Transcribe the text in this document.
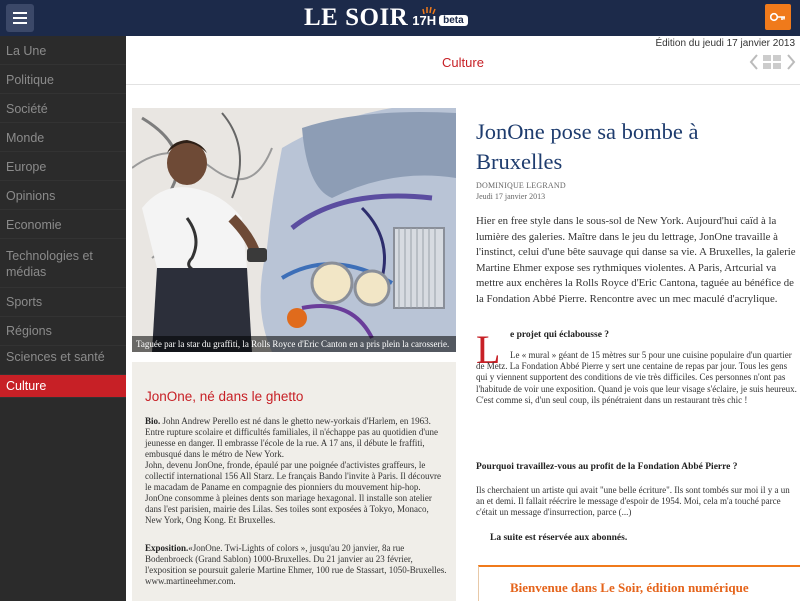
LE SOIR 17H beta
La Une
Politique
Société
Monde
Europe
Opinions
Economie
Technologies et médias
Sports
Régions
Sciences et santé
Culture
Édition du jeudi 17 janvier 2013
Culture
Taguée par la star du graffiti, la Rolls Royce d'Eric Canton en a pris plein la carosserie.
JonOne, né dans le ghetto
Bio. John Andrew Perello est né dans le ghetto new-yorkais d'Harlem, en 1963. Entre rupture scolaire et difficultés familiales, il n'échappe pas au quotidien d'une jeunesse en danger. Il embrasse l'école de la rue. A 17 ans, il débute le fraffiti, embusqué dans le métro de New York.
John, devenu JonOne, fronde, épaulé par une poignée d'activistes graffeurs, le collectif international 156 All Starz. Le français Bando l'invite à Paris. Il découvre le macadam de Paname en compagnie des pionniers du mouvement hip-hop. JonOne consomme à pleines dents son mariage hexagonal. Il installe son atelier dans l'est parisien, mairie des Lilas. Ses toiles sont exposées à Tokyo, Monaco, New York, Ong Kong. Et Bruxelles.
Exposition.«JonOne. Twi-Lights of colors », jusqu'au 20 janvier, 8a rue Bodenbroeck (Grand Sablon) 1000-Bruxelles. Du 21 janvier au 23 février, l'exposition se poursuit galerie Martine Ehmer, 100 rue de Stassart, 1050-Bruxelles. www.martineehmer.com.
JonOne pose sa bombe à Bruxelles
DOMINIQUE LEGRAND
Jeudi 17 janvier 2013
Hier en free style dans le sous-sol de New York. Aujourd'hui caïd à la lumière des galeries. Maître dans le jeu du lettrage, JonOne travaille à l'instinct, celui d'une bête sauvage qui danse sa vie. A Bruxelles, la galerie Martine Ehmer expose ses rythmiques violentes. A Paris, Artcurial va mettre aux enchères la Rolls Royce d'Eric Cantona, taguée au bénéfice de la Fondation Abbé Pierre. Rencontre avec un mec maculé d'acrylique.
L e projet qui éclabousse ?
Le « mural » géant de 15 mètres sur 5 pour une cuisine populaire d'un quartier de Metz. La Fondation Abbé Pierre y sert une centaine de repas par jour. Tous les gens qui y viennent supportent des conditions de vie très difficiles. Ces personnes n'ont pas l'habitude de voir une exposition. Quand je vois que leur visage s'éclaire, je suis heureux. C'est comme si, d'un seul coup, ils pénétraient dans un restaurant très chic !
Pourquoi travaillez-vous au profit de la Fondation Abbé Pierre ?
Ils cherchaient un artiste qui avait "une belle écriture". Ils sont tombés sur moi il y a un an et demi. Il fallait réécrire le message d'espoir de 1954. Moi, cela m'a touché parce c'était un message d'insurrection, parce (...)
La suite est réservée aux abonnés.
Bienvenue dans Le Soir, édition numérique
